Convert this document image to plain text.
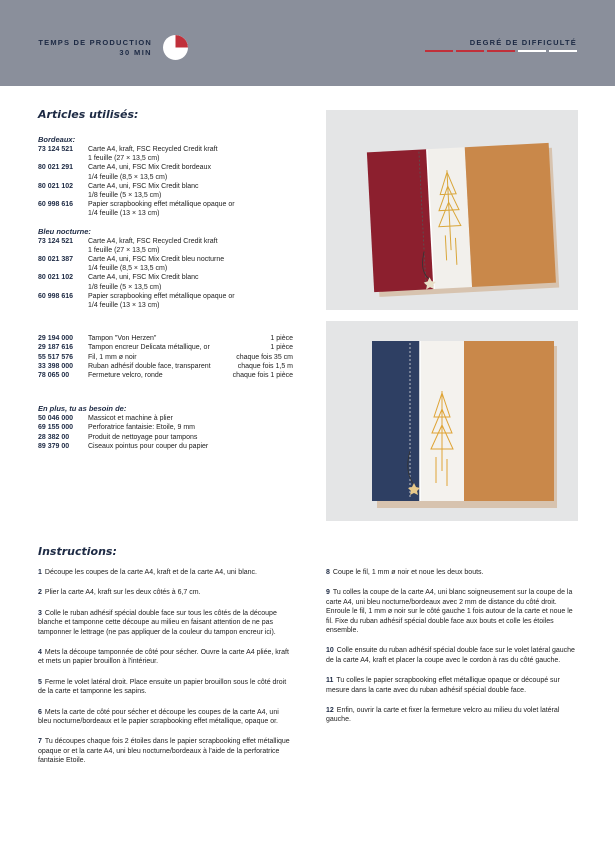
TEMPS DE PRODUCTION
30 MIN
DEGRÉ DE DIFFICULTÉ
Articles utilisés:
Bordeaux:
73 124 521	Carte A4, kraft, FSC Recycled Credit kraft
1 feuille (27 × 13,5 cm)
80 021 291	Carte A4, uni, FSC Mix Credit bordeaux
1/4 feuille (8,5 × 13,5 cm)
80 021 102	Carte A4, uni, FSC Mix Credit blanc
1/8 feuille (5 × 13,5 cm)
60 998 616	Papier scrapbooking effet métallique opaque or
1/4 feuille (13 × 13 cm)
Bleu nocturne:
73 124 521	Carte A4, kraft, FSC Recycled Credit kraft
1 feuille (27 × 13,5 cm)
80 021 387	Carte A4, uni, FSC Mix Credit bleu nocturne
1/4 feuille (8,5 × 13,5 cm)
80 021 102	Carte A4, uni, FSC Mix Credit blanc
1/8 feuille (5 × 13,5 cm)
60 998 616	Papier scrapbooking effet métallique opaque or
1/4 feuille (13 × 13 cm)
29 194 000	Tampon "Von Herzen"	1 pièce
29 187 616	Tampon encreur Delicata métallique, or	1 pièce
55 517 576	Fil, 1 mm ø noir	chaque fois 35 cm
33 398 000	Ruban adhésif double face, transparent	chaque fois 1,5 m
78 065 00	Fermeture velcro, ronde	chaque fois 1 pièce
En plus, tu as besoin de:
50 046 000	Massicot et machine à plier
69 155 000	Perforatrice fantaisie: Etoile, 9 mm
28 382 00	Produit de nettoyage pour tampons
89 379 00	Ciseaux pointus pour couper du papier
Instructions:
1 Découpe les coupes de la carte A4, kraft et de la carte A4, uni blanc.
2 Plier la carte A4, kraft sur les deux côtés à 6,7 cm.
3 Colle le ruban adhésif spécial double face sur tous les côtés de la découpe blanche et tamponne cette découpe au milieu en faisant attention de ne pas tamponner le lettrage (ne pas appliquer de la couleur du tampon encreur ici).
4 Mets la découpe tamponnée de côté pour sécher. Ouvre la carte A4 pliée, kraft et mets un papier brouillon à l'intérieur.
5 Ferme le volet latéral droit. Place ensuite un papier brouillon sous le côté droit de la carte et tamponne les sapins.
6 Mets la carte de côté pour sécher et découpe les coupes de la carte A4, uni bleu nocturne/bordeaux et le papier scrapbooking effet métallique, opaque or.
7 Tu découpes chaque fois 2 étoiles dans le papier scrapbooking effet métallique opaque or et la carte A4, uni bleu nocturne/bordeaux à l'aide de la perforatrice fantaisie Etoile.
8 Coupe le fil, 1 mm ø noir et noue les deux bouts.
9 Tu colles la coupe de la carte A4, uni blanc soigneusement sur la coupe de la carte A4, uni bleu nocturne/bordeaux avec 2 mm de distance du côté droit. Enroule le fil, 1 mm ø noir sur le côté gauche 1 fois autour de la carte et noue le fil. Fixe du ruban adhésif spécial double face aux bouts et colle les étoiles ensemble.
10 Colle ensuite du ruban adhésif spécial double face sur le volet latéral gauche de la carte A4, kraft et placer la coupe avec le cordon à ras du côté gauche.
11 Tu colles le papier scrapbooking effet métallique opaque or découpé sur mesure dans la carte avec du ruban adhésif spécial double face.
12 Enfin, ouvrir la carte et fixer la fermeture velcro au milieu du volet latéral gauche.
